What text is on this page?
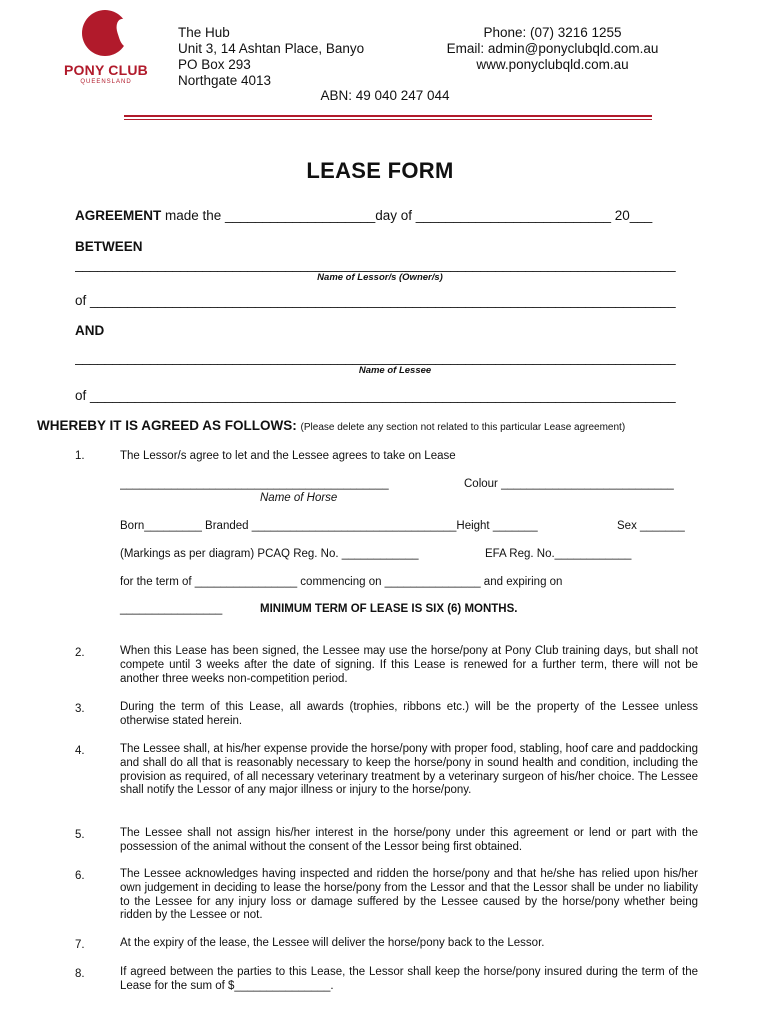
PONY CLUB
QUEENSLAND
The Hub
Unit 3, 14 Ashtan Place, Banyo
PO Box 293
Northgate 4013
Phone: (07) 3216 1255
Email: admin@ponyclubqld.com.au
www.ponyclubqld.com.au
ABN: 49 040 247 044
LEASE FORM
AGREEMENT made the ____________________day of __________________________ 20___
BETWEEN
________________________________________________________________________________
Name of Lessor/s (Owner/s)
of ______________________________________________________________________________
AND
________________________________________________________________________________
Name of Lessee
of ______________________________________________________________________________
WHEREBY IT IS AGREED AS FOLLOWS: (Please delete any section not related to this particular Lease agreement)
1.	The Lessor/s agree to let and the Lessee agrees to take on Lease
__________________________________________	Colour ___________________________
Name of Horse
Born_________ Branded ________________________________Height _______	Sex _______
(Markings as per diagram) PCAQ Reg. No. ____________	EFA Reg. No.____________
for the term of ________________ commencing on _______________ and expiring on
________________	MINIMUM TERM OF LEASE IS SIX (6) MONTHS.
2.	When this Lease has been signed, the Lessee may use the horse/pony at Pony Club training days, but shall not compete until 3 weeks after the date of signing. If this Lease is renewed for a further term, there will not be another three weeks non-competition period.
3.	During the term of this Lease, all awards (trophies, ribbons etc.) will be the property of the Lessee unless otherwise stated herein.
4.	The Lessee shall, at his/her expense provide the horse/pony with proper food, stabling, hoof care and paddocking and shall do all that is reasonably necessary to keep the horse/pony in sound health and condition, including the provision as required, of all necessary veterinary treatment by a veterinary surgeon of his/her choice. The Lessee shall notify the Lessor of any major illness or injury to the horse/pony.
5.	The Lessee shall not assign his/her interest in the horse/pony under this agreement or lend or part with the possession of the animal without the consent of the Lessor being first obtained.
6.	The Lessee acknowledges having inspected and ridden the horse/pony and that he/she has relied upon his/her own judgement in deciding to lease the horse/pony from the Lessor and that the Lessor shall be under no liability to the Lessee for any injury loss or damage suffered by the Lessee caused by the horse/pony whether being ridden by the Lessee or not.
7.	At the expiry of the lease, the Lessee will deliver the horse/pony back to the Lessor.
8.	If agreed between the parties to this Lease, the Lessor shall keep the horse/pony insured during the term of the Lease for the sum of $_______________.
